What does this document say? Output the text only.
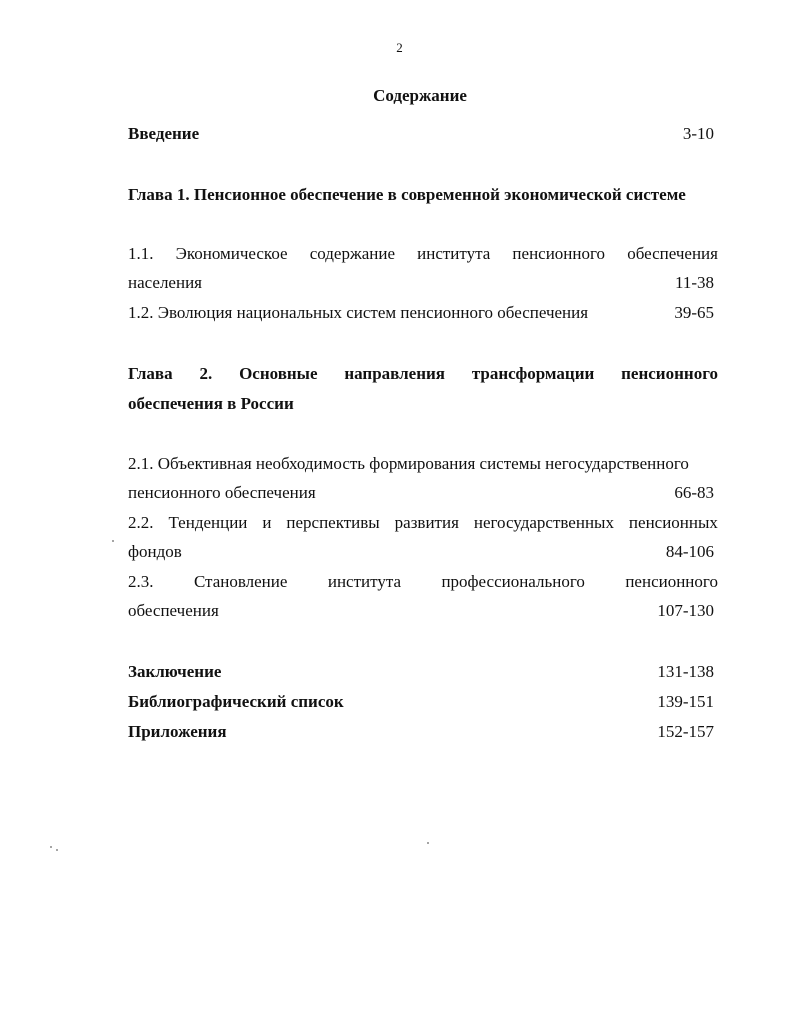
2
Содержание
Введение	3-10
Глава 1. Пенсионное обеспечение в современной экономической системе
1.1. Экономическое содержание института пенсионного обеспечения
населения	11-38
1.2. Эволюция национальных систем пенсионного обеспечения	39-65
Глава 2. Основные направления трансформации пенсионного
обеспечения в России
2.1. Объективная необходимость формирования системы негосударственного
пенсионного обеспечения	66-83
2.2. Тенденции и перспективы развития негосударственных пенсионных
фондов	84-106
2.3. Становление института профессионального пенсионного
обеспечения	107-130
Заключение	131-138
Библиографический список	139-151
Приложения	152-157
